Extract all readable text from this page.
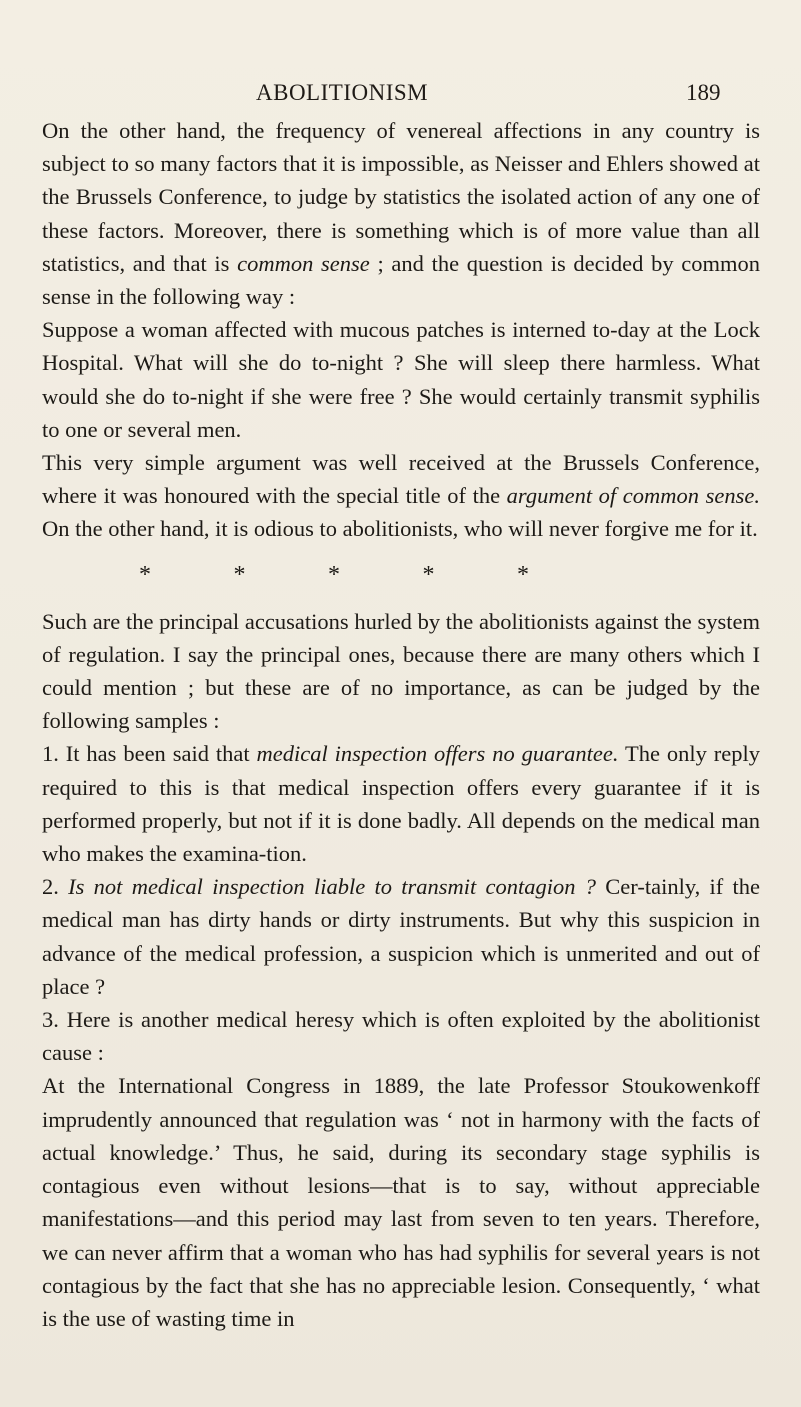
ABOLITIONISM	189

On the other hand, the frequency of venereal affections in any country is subject to so many factors that it is impossible, as Neisser and Ehlers showed at the Brussels Conference, to judge by statistics the isolated action of any one of these factors. Moreover, there is something which is of more value than all statistics, and that is common sense ; and the question is decided by common sense in the following way :

Suppose a woman affected with mucous patches is interned to-day at the Lock Hospital. What will she do to-night ? She will sleep there harmless. What would she do to-night if she were free ? She would certainly transmit syphilis to one or several men.

This very simple argument was well received at the Brussels Conference, where it was honoured with the special title of the argument of common sense. On the other hand, it is odious to abolitionists, who will never forgive me for it.

*	*	*	*	*

Such are the principal accusations hurled by the abolitionists against the system of regulation. I say the principal ones, because there are many others which I could mention ; but these are of no importance, as can be judged by the following samples :

1. It has been said that medical inspection offers no guarantee. The only reply required to this is that medical inspection offers every guarantee if it is performed properly, but not if it is done badly. All depends on the medical man who makes the examina-tion.

2. Is not medical inspection liable to transmit contagion ? Cer-tainly, if the medical man has dirty hands or dirty instruments. But why this suspicion in advance of the medical profession, a suspicion which is unmerited and out of place ?

3. Here is another medical heresy which is often exploited by the abolitionist cause :

At the International Congress in 1889, the late Professor Stoukowenkoff imprudently announced that regulation was ‘ not in harmony with the facts of actual knowledge.’ Thus, he said, during its secondary stage syphilis is contagious even without lesions—that is to say, without appreciable manifestations—and this period may last from seven to ten years. Therefore, we can never affirm that a woman who has had syphilis for several years is not contagious by the fact that she has no appreciable lesion. Consequently, ‘ what is the use of wasting time in
